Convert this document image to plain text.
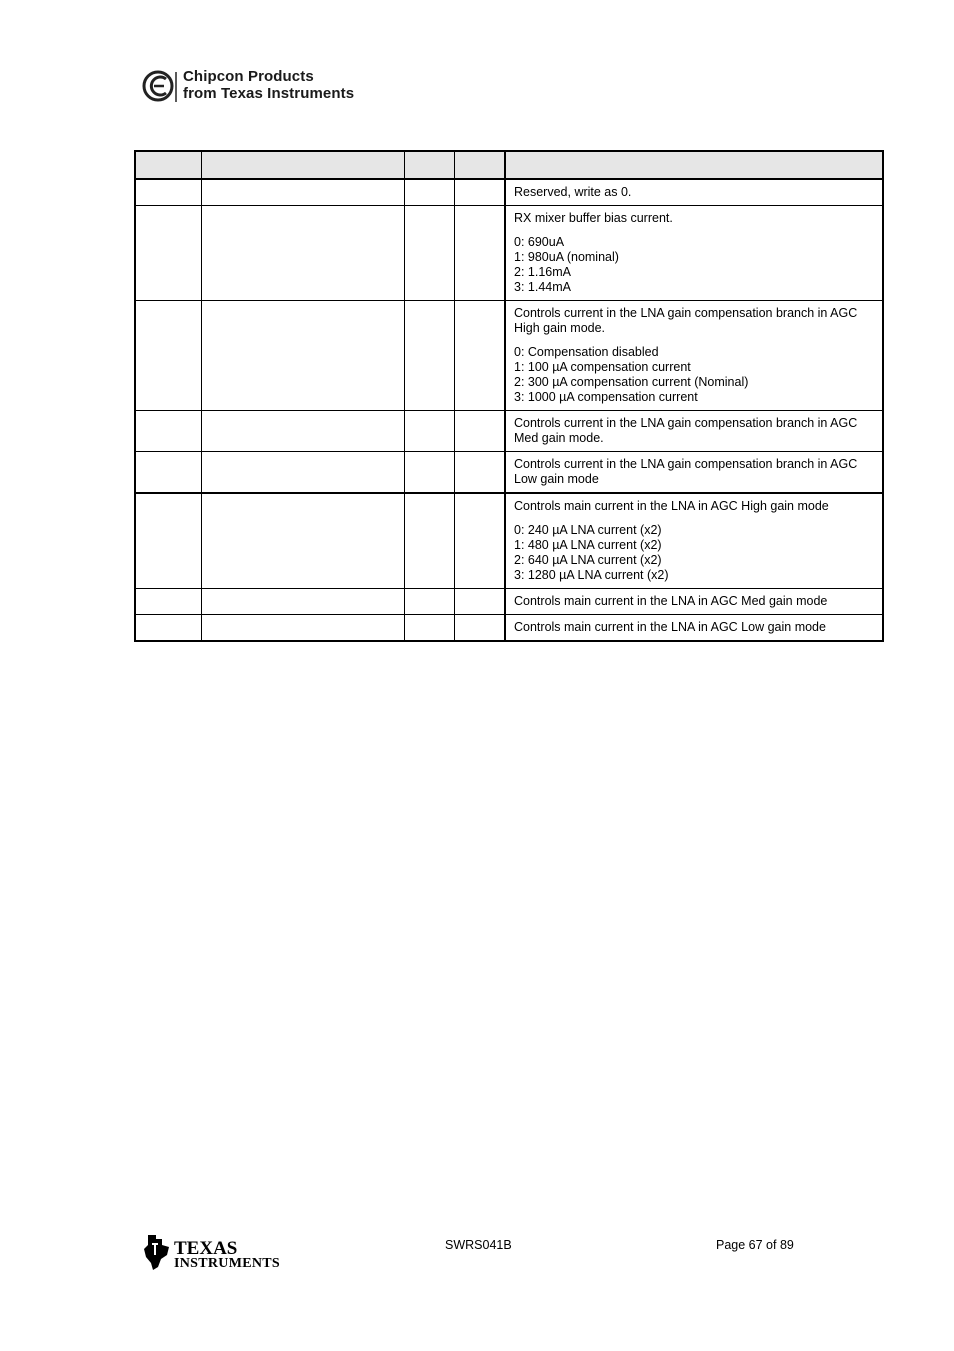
Chipcon Products
from Texas Instruments

				Reserved, write as 0.

				RX mixer buffer bias current.

0: 690uA
1: 980uA (nominal)
2: 1.16mA
3: 1.44mA

				Controls current in the LNA gain compensation branch in AGC High gain mode.

0: Compensation disabled
1: 100 µA compensation current
2: 300 µA compensation current (Nominal)
3: 1000 µA compensation current

				Controls current in the LNA gain compensation branch in AGC Med gain mode.

				Controls current in the LNA gain compensation branch in AGC Low gain mode

				Controls main current in the LNA in AGC High gain mode

0: 240 µA LNA current (x2)
1: 480 µA LNA current (x2)
2: 640 µA LNA current (x2)
3: 1280 µA LNA current (x2)

				Controls main current in the LNA in AGC Med gain mode

				Controls main current in the LNA in AGC Low gain mode

TEXAS
INSTRUMENTS
SWRS041B	Page 67 of 89
